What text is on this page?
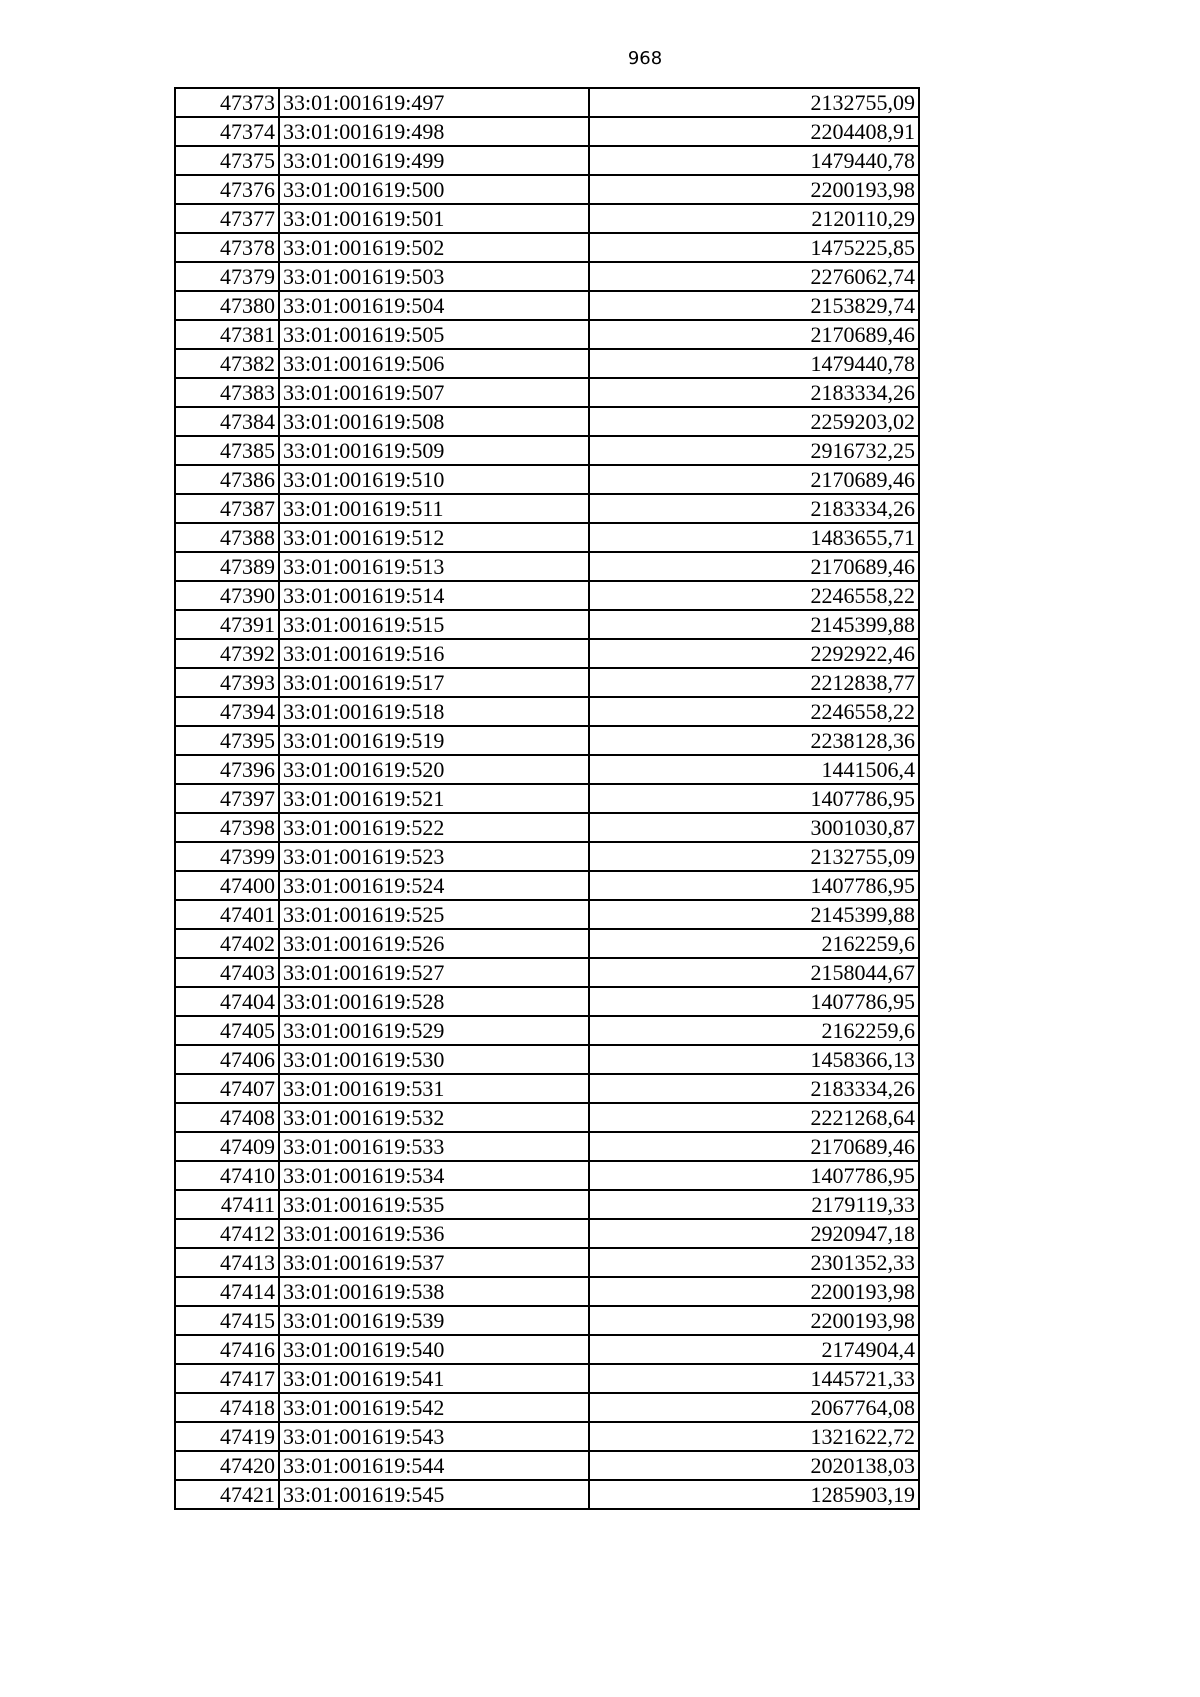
968
47373	33:01:001619:497	2132755,09
47374	33:01:001619:498	2204408,91
47375	33:01:001619:499	1479440,78
47376	33:01:001619:500	2200193,98
47377	33:01:001619:501	2120110,29
47378	33:01:001619:502	1475225,85
47379	33:01:001619:503	2276062,74
47380	33:01:001619:504	2153829,74
47381	33:01:001619:505	2170689,46
47382	33:01:001619:506	1479440,78
47383	33:01:001619:507	2183334,26
47384	33:01:001619:508	2259203,02
47385	33:01:001619:509	2916732,25
47386	33:01:001619:510	2170689,46
47387	33:01:001619:511	2183334,26
47388	33:01:001619:512	1483655,71
47389	33:01:001619:513	2170689,46
47390	33:01:001619:514	2246558,22
47391	33:01:001619:515	2145399,88
47392	33:01:001619:516	2292922,46
47393	33:01:001619:517	2212838,77
47394	33:01:001619:518	2246558,22
47395	33:01:001619:519	2238128,36
47396	33:01:001619:520	1441506,4
47397	33:01:001619:521	1407786,95
47398	33:01:001619:522	3001030,87
47399	33:01:001619:523	2132755,09
47400	33:01:001619:524	1407786,95
47401	33:01:001619:525	2145399,88
47402	33:01:001619:526	2162259,6
47403	33:01:001619:527	2158044,67
47404	33:01:001619:528	1407786,95
47405	33:01:001619:529	2162259,6
47406	33:01:001619:530	1458366,13
47407	33:01:001619:531	2183334,26
47408	33:01:001619:532	2221268,64
47409	33:01:001619:533	2170689,46
47410	33:01:001619:534	1407786,95
47411	33:01:001619:535	2179119,33
47412	33:01:001619:536	2920947,18
47413	33:01:001619:537	2301352,33
47414	33:01:001619:538	2200193,98
47415	33:01:001619:539	2200193,98
47416	33:01:001619:540	2174904,4
47417	33:01:001619:541	1445721,33
47418	33:01:001619:542	2067764,08
47419	33:01:001619:543	1321622,72
47420	33:01:001619:544	2020138,03
47421	33:01:001619:545	1285903,19
